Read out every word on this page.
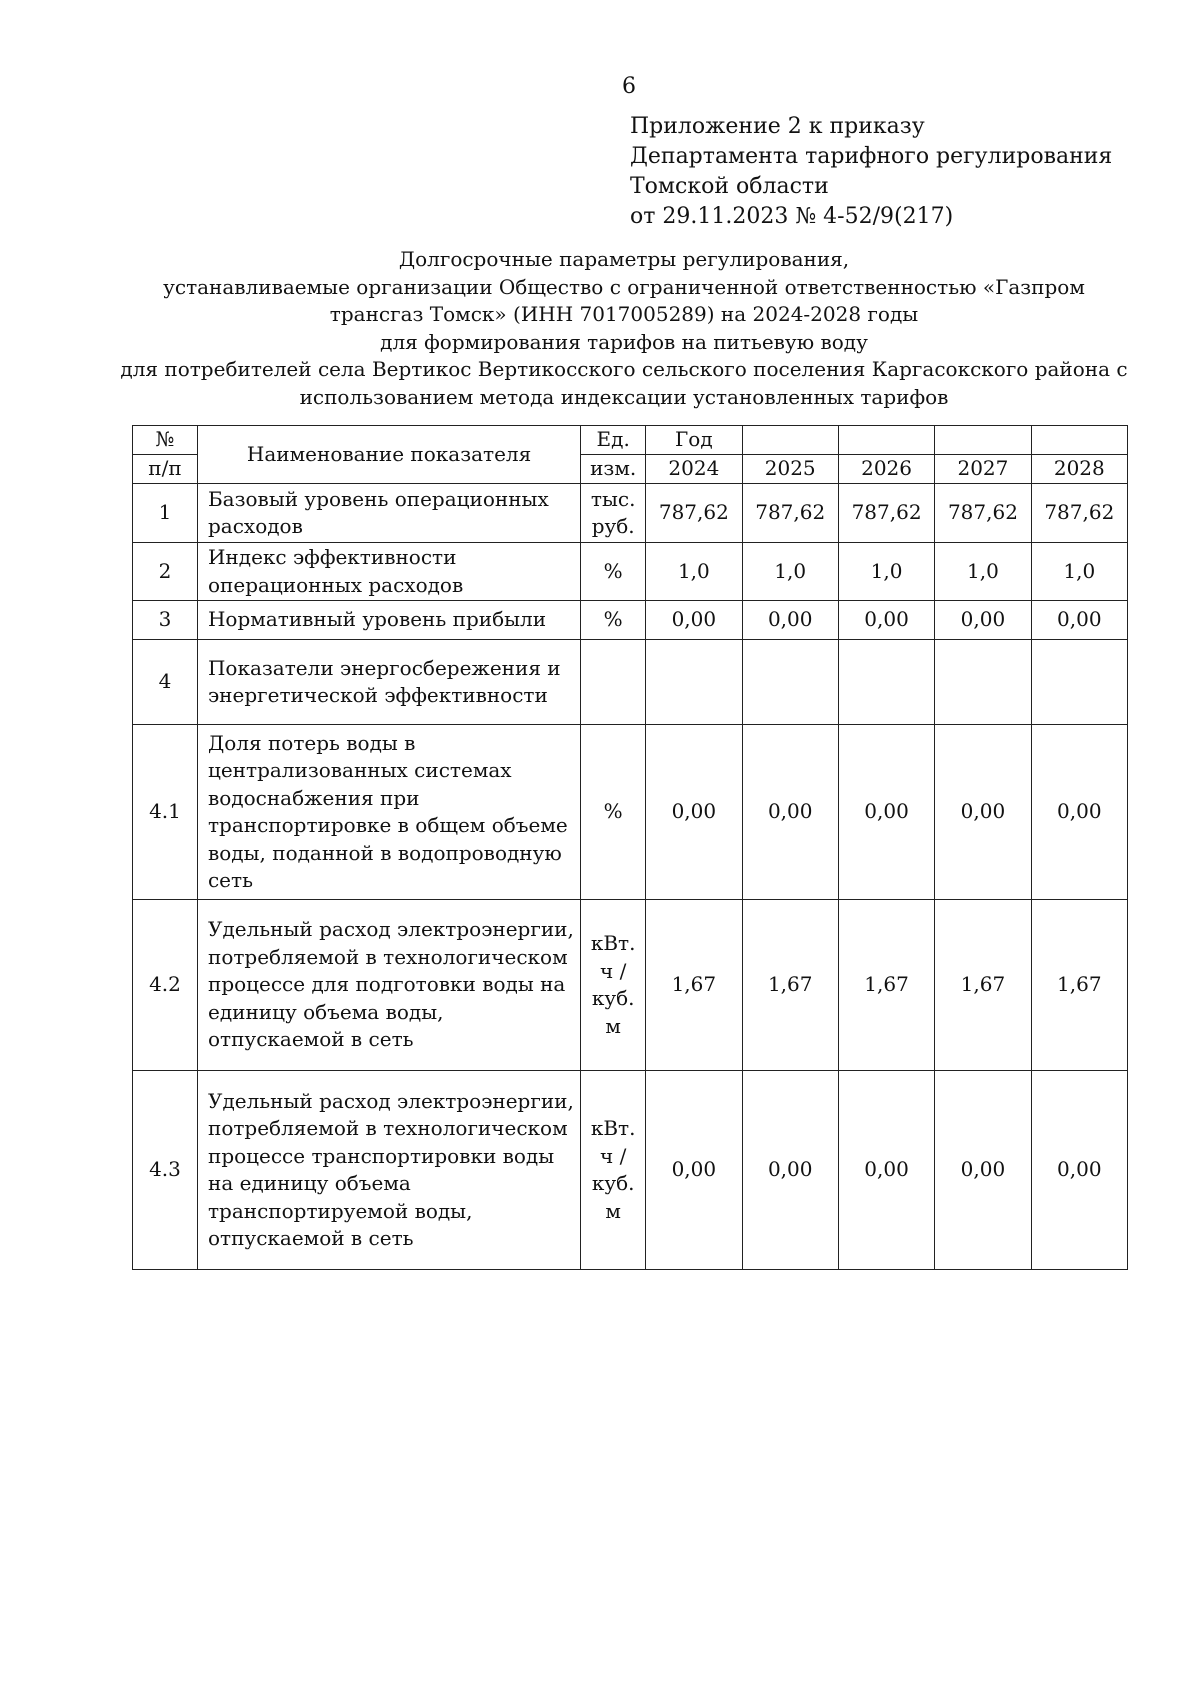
6
Приложение 2 к приказу
Департамента тарифного регулирования
Томской области
от 29.11.2023 № 4-52/9(217)
Долгосрочные параметры регулирования,
устанавливаемые организации Общество с ограниченной ответственностью «Газпром
трансгаз Томск» (ИНН 7017005289) на 2024-2028 годы
для формирования тарифов на питьевую воду
для потребителей села Вертикос Вертикосского сельского поселения Каргасокского района с
использованием метода индексации установленных тарифов
№	Наименование показателя	Ед.	Год				
п/п		изм.	2024	2025	2026	2027	2028
1	Базовый уровень операционных расходов	тыс. руб.	787,62	787,62	787,62	787,62	787,62
2	Индекс эффективности операционных расходов	%	1,0	1,0	1,0	1,0	1,0
3	Нормативный уровень прибыли	%	0,00	0,00	0,00	0,00	0,00
4	Показатели энергосбережения и энергетической эффективности						
4.1	Доля потерь воды в централизованных системах водоснабжения при транспортировке в общем объеме воды, поданной в водопроводную сеть	%	0,00	0,00	0,00	0,00	0,00
4.2	Удельный расход электроэнергии, потребляемой в технологическом процессе для подготовки воды на единицу объема воды, отпускаемой в сеть	кВт. ч / куб. м	1,67	1,67	1,67	1,67	1,67
4.3	Удельный расход электроэнергии, потребляемой в технологическом процессе транспортировки воды на единицу объема транспортируемой воды, отпускаемой в сеть	кВт. ч / куб. м	0,00	0,00	0,00	0,00	0,00
